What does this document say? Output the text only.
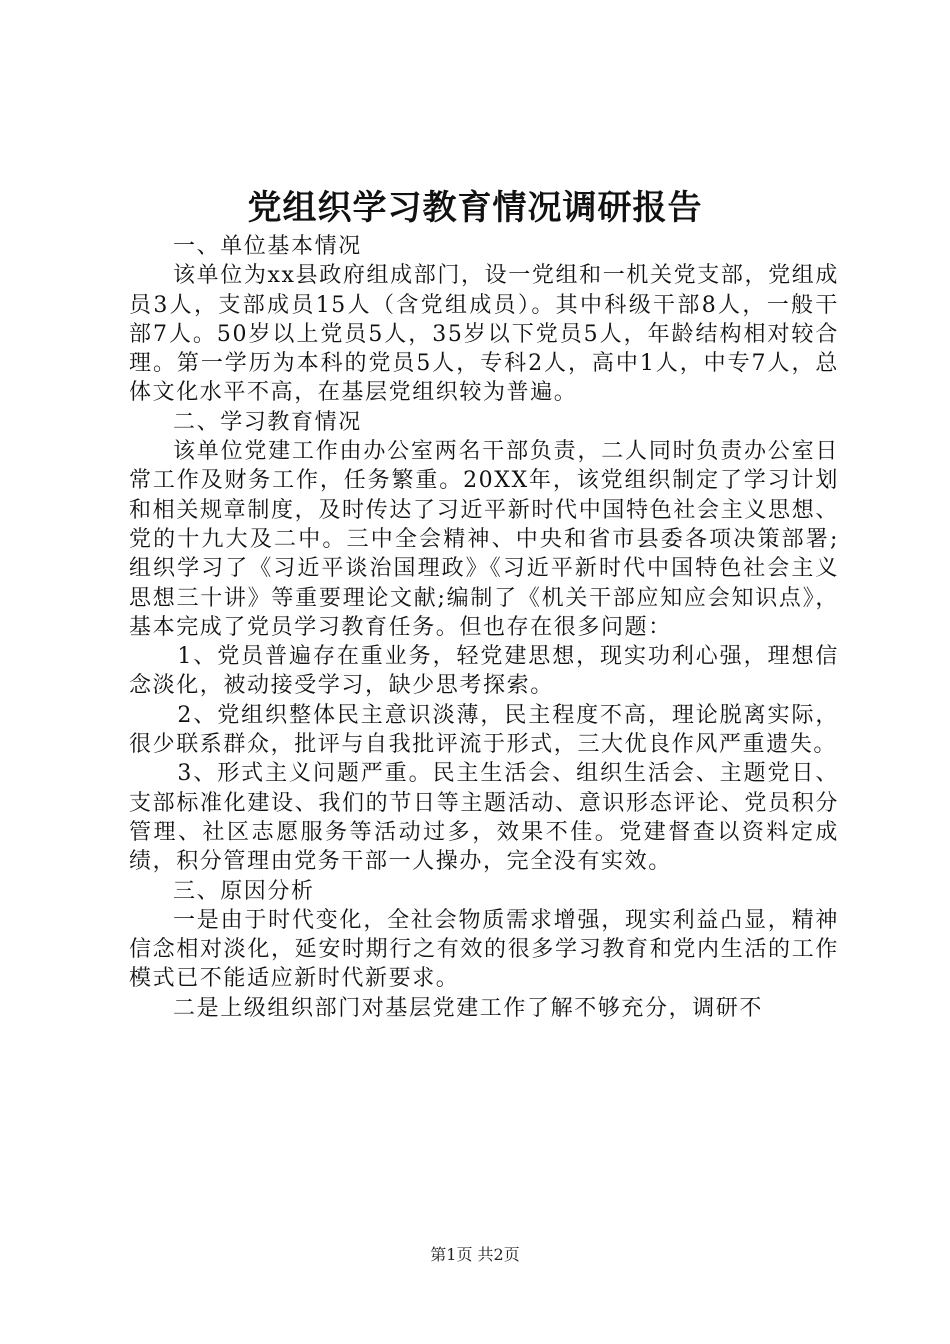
党组织学习教育情况调研报告

一、单位基本情况

该单位为xx县政府组成部门，设一党组和一机关党支部，党组成员3人，支部成员15人（含党组成员）。其中科级干部8人，一般干部7人。50岁以上党员5人，35岁以下党员5人，年龄结构相对较合理。第一学历为本科的党员5人，专科2人，高中1人，中专7人，总体文化水平不高，在基层党组织较为普遍。

二、学习教育情况

该单位党建工作由办公室两名干部负责，二人同时负责办公室日常工作及财务工作，任务繁重。20XX年，该党组织制定了学习计划和相关规章制度，及时传达了习近平新时代中国特色社会主义思想、党的十九大及二中。三中全会精神、中央和省市县委各项决策部署;组织学习了《习近平谈治国理政》《习近平新时代中国特色社会主义思想三十讲》等重要理论文献;编制了《机关干部应知应会知识点》，基本完成了党员学习教育任务。但也存在很多问题：

1、党员普遍存在重业务，轻党建思想，现实功利心强，理想信念淡化，被动接受学习，缺少思考探索。

2、党组织整体民主意识淡薄，民主程度不高，理论脱离实际，很少联系群众，批评与自我批评流于形式，三大优良作风严重遗失。

3、形式主义问题严重。民主生活会、组织生活会、主题党日、支部标准化建设、我们的节日等主题活动、意识形态评论、党员积分管理、社区志愿服务等活动过多，效果不佳。党建督查以资料定成绩，积分管理由党务干部一人操办，完全没有实效。

三、原因分析

一是由于时代变化，全社会物质需求增强，现实利益凸显，精神信念相对淡化，延安时期行之有效的很多学习教育和党内生活的工作模式已不能适应新时代新要求。

二是上级组织部门对基层党建工作了解不够充分，调研不

第1页 共2页
